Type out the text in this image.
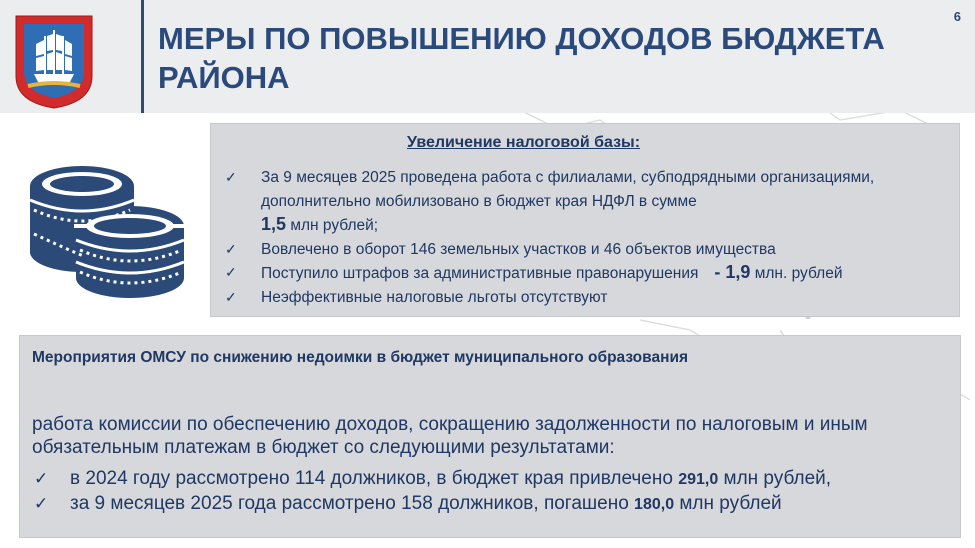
МЕРЫ ПО ПОВЫШЕНИЮ ДОХОДОВ БЮДЖЕТА
РАЙОНА
6
Увеличение налоговой базы:
✓ За 9 месяцев 2025 проведена работа с филиалами, субподрядными организациями, дополнительно мобилизовано в бюджет края НДФЛ в сумме
1,5 млн рублей;
✓ Вовлечено в оборот 146 земельных участков и 46 объектов имущества
✓ Поступило штрафов за административные правонарушения - 1,9 млн. рублей
✓ Неэффективные налоговые льготы отсутствуют
Мероприятия ОМСУ по снижению недоимки в бюджет муниципального образования
работа комиссии по обеспечению доходов, сокращению задолженности по налоговым и иным обязательным платежам в бюджет со следующими результатами:
✓ в 2024 году рассмотрено 114 должников, в бюджет края привлечено 291,0 млн рублей,
✓ за 9 месяцев 2025 года рассмотрено 158 должников, погашено 180,0 млн рублей
